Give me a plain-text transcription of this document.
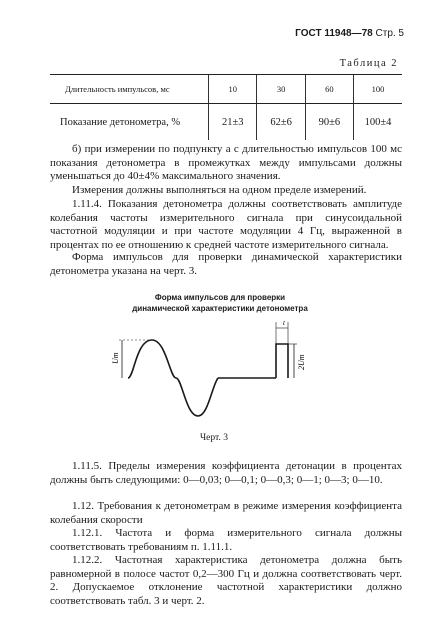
ГОСТ 11948—78 Стр. 5
Таблица 2
Длительность импульсов, мс	10	30	60	100
Показание детонометра, %	21±3	62±6	90±6	100±4

б) при измерении по подпункту а с длительностью импульсов 100 мс показания детонометра в промежутках между импульсами должны уменьшаться до 40±4% максимального значения.

Измерения должны выполняться на одном пределе измерений.

1.11.4. Показания детонометра должны соответствовать амплитуде колебания частоты измерительного сигнала при синусоидальной частотной модуляции и при частоте модуляции 4 Гц, выраженной в процентах по ее отношению к средней частоте измерительного сигнала.

Форма импульсов для проверки динамической характеристики детонометра указана на черт. 3.

Форма импульсов для проверки
динамической характеристики детонометра
Um	2Um
t
Черт. 3

1.11.5. Пределы измерения коэффициента детонации в процентах должны быть следующими: 0—0,03; 0—0,1; 0—0,3; 0—1; 0—3; 0—10.

1.12. Требования к детонометрам в режиме измерения коэффициента колебания скорости

1.12.1. Частота и форма измерительного сигнала должны соответствовать требованиям п. 1.11.1.

1.12.2. Частотная характеристика детонометра должна быть равномерной в полосе частот 0,2—300 Гц и должна соответствовать черт. 2. Допускаемое отклонение частотной характеристики должно соответствовать табл. 3 и черт. 2.
